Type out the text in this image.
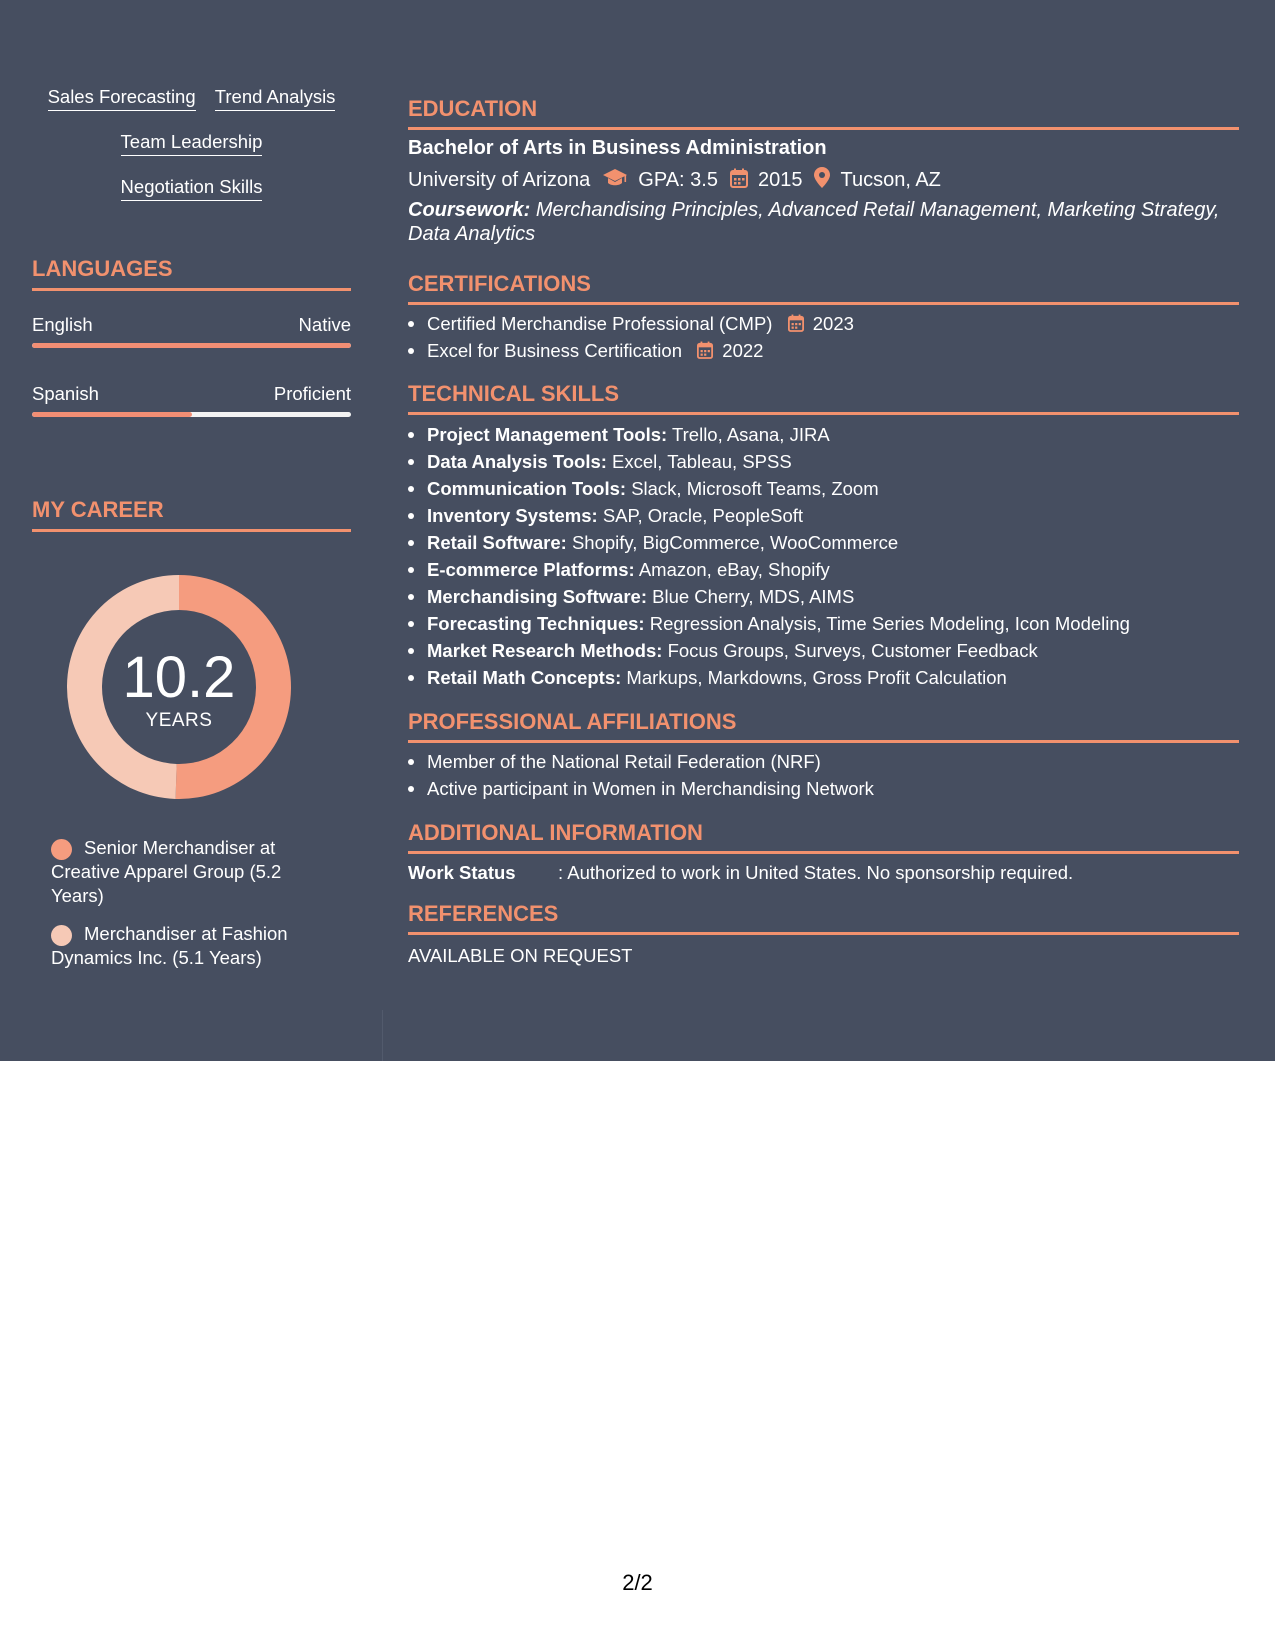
Sales Forecasting Trend Analysis
Team Leadership
Negotiation Skills
LANGUAGES
English	Native
Spanish	Proficient
MY CAREER
10.2
YEARS
Senior Merchandiser at Creative Apparel Group (5.2 Years)
Merchandiser at Fashion Dynamics Inc. (5.1 Years)
EDUCATION
Bachelor of Arts in Business Administration
University of Arizona GPA: 3.5 2015 Tucson, AZ
Coursework: Merchandising Principles, Advanced Retail Management, Marketing Strategy, Data Analytics
CERTIFICATIONS
Certified Merchandise Professional (CMP) 2023
Excel for Business Certification 2022
TECHNICAL SKILLS
Project Management Tools: Trello, Asana, JIRA
Data Analysis Tools: Excel, Tableau, SPSS
Communication Tools: Slack, Microsoft Teams, Zoom
Inventory Systems: SAP, Oracle, PeopleSoft
Retail Software: Shopify, BigCommerce, WooCommerce
E-commerce Platforms: Amazon, eBay, Shopify
Merchandising Software: Blue Cherry, MDS, AIMS
Forecasting Techniques: Regression Analysis, Time Series Modeling, Icon Modeling
Market Research Methods: Focus Groups, Surveys, Customer Feedback
Retail Math Concepts: Markups, Markdowns, Gross Profit Calculation
PROFESSIONAL AFFILIATIONS
Member of the National Retail Federation (NRF)
Active participant in Women in Merchandising Network
ADDITIONAL INFORMATION
Work Status : Authorized to work in United States. No sponsorship required.
REFERENCES
AVAILABLE ON REQUEST
2/2
